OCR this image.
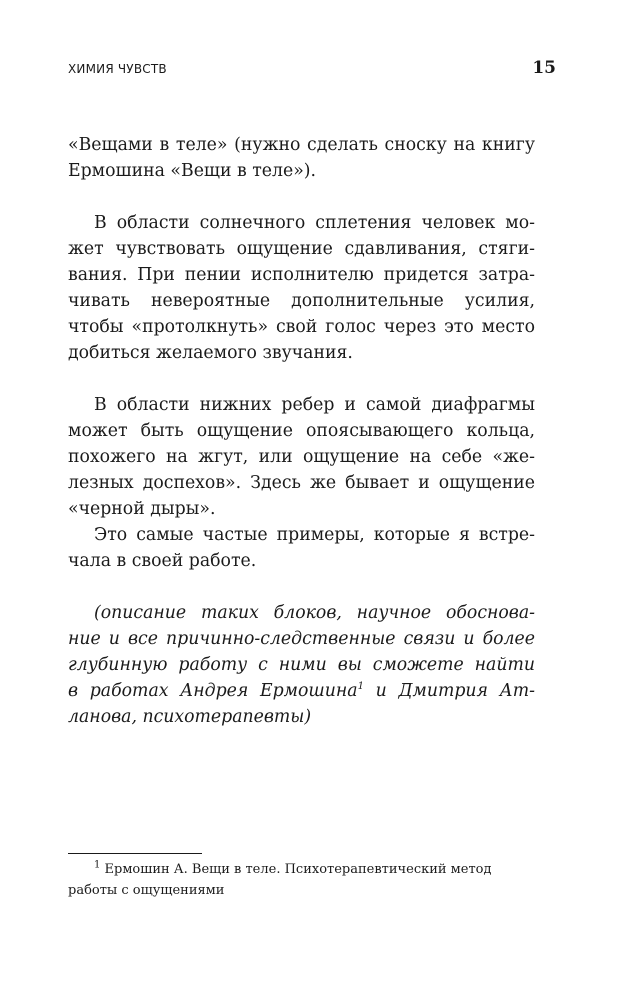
ХИМИЯ ЧУВСТВ	15
«Вещами в теле» (нужно сделать сноску на книгу
Ермошина «Вещи в теле»).
В области солнечного сплетения человек мо-
жет чувствовать ощущение сдавливания, стяги-
вания. При пении исполнителю придется затра-
чивать невероятные дополнительные усилия,
чтобы «протолкнуть» свой голос через это место
добиться желаемого звучания.
В области нижних ребер и самой диафрагмы
может быть ощущение опоясывающего кольца,
похожего на жгут, или ощущение на себе «же-
лезных доспехов». Здесь же бывает и ощущение
«черной дыры».
Это самые частые примеры, которые я встре-
чала в своей работе.
(описание таких блоков, научное обоснова-
ние и все причинно-следственные связи и более
глубинную работу с ними вы сможете найти
в работах Андрея Ермошина$^1$ и Дмитрия Ат-
ланова, психотерапевты)
$^1$ Ермошин А. Вещи в теле. Психотерапевтический метод
работы с ощущениями
